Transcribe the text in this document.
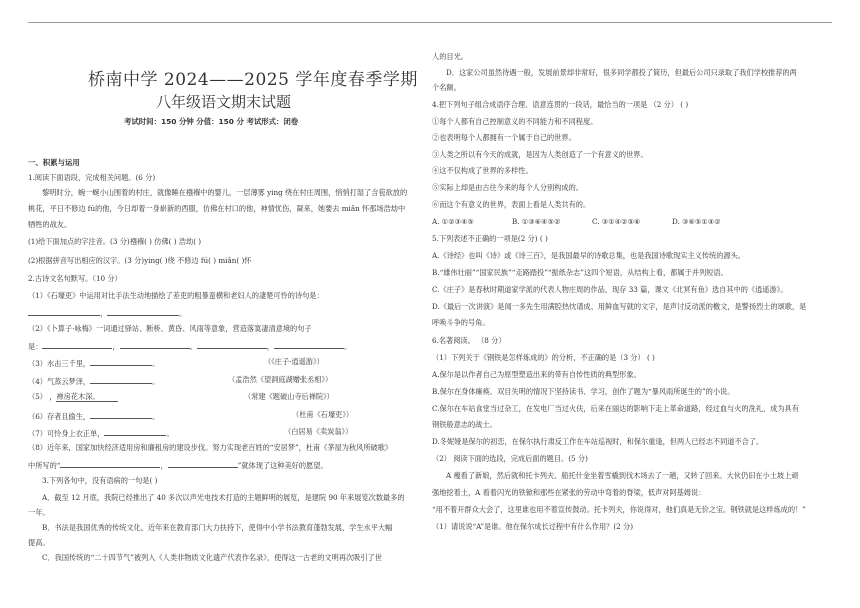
桥南中学 2024——2025 学年度春季学期
八年级语文期末试题
考试时间：150 分钟 分值：150 分 考试形式：闭卷
一、积累与运用
1.阅读下面语段，完成相关问题。(6 分)
黎明时分，蜿一蜒小山围着的村庄，就像睡在襁褓中的婴儿，一层薄雾 ying 绕在村庄周围，悄悄打湿了含苞欲放的
桃花，平日不修边 fú的他，今日却着一身崭新的西服，仿佛在村口的他，神情忧伤，凝来，她要去 miǎn 怀那场浩劫中
牺牲的战友。
(1)给下面加点的字注音。(3 分)襁褓( ) 仿佛( ) 浩劫( )
(2)根据拼音写出相应的汉字。(3 分)ying( )绕 不修边 fú( ) miǎn( )怀
2.古诗文名句默写。（10 分）
（1）《石壕吏》中运用对比手法生动地描绘了差吏的粗暴蛮横和老妇人的凄楚可怜的诗句是：
，	。
（2）《卜算子·咏梅》一词通过驿站、断桥、黄昏、风雨等意象，营造落寞凄清意境的句子
是：	，	。	，	。
（3）水击三千里，	。	（《庄子·逍遥游》）
（4）气蒸云梦泽，	。	（孟浩然《望洞庭湖赠张丞相》）
（5） ，禅房花木深。	（常建《题破山寺后禅院》）
（6）存者且偷生，	。	（杜甫《石壕吏》）
（7）可怜身上衣正单，	。	（白居易《卖炭翁》）
（8）近年来，国家加快经济适用房和廉租房的建设步伐。努力实现老百姓的“安居梦”，杜甫《茅屋为秋风所破歌》
中所写的“	，	”就体现了这种美好的愿望。
3.下列各句中，没有语病的一句是( )
A．截至 12 月底，我院已经推出了 40 多次以声光电技术打造的主题鲜明的展览，是建院 90 年来展览次数最多的
一年。
B．书法是我国优秀的传统文化，近年来在教育部门大力扶持下，使得中小学书法教育蓬勃发展，学生水平大幅
提高。
C．我国传统的“二十四节气”被列入《人类非物质文化遗产代表作名录》，使得这一古老的文明再次吸引了世
人的目光。
D．这家公司虽然待遇一般，发展前景却非常好，很多同学都投了简历，但最后公司只录取了我们学校推荐的两
个名额。
4.把下列句子组合成语序合理、语意连贯的一段话，最恰当的一项是 （2 分） ( )
①每个人都有自己控制意义的不同能力和不同程度。
②也表明每个人都拥有一个属于自己的世界。
③人类之所以有今天的成就，是因为人类创造了一个有意义的世界。
④这不仅构成了世界的多样性。
⑤实际上却是由古往今来的每个人分别构成的。
⑥而这个有意义的世界，表面上看是人类共有的。
A. ①②③④⑤	B. ①③⑥④⑤②	C. ③①④②⑤⑥	D. ③⑥⑤①④②
5.下列表述不正确的一项是(2 分) ( )
A.《诗经》也叫《诗》或《诗三百》，是我国最早的诗歌总集，也是我国诗歌现实主义传统的源头。
B.“雄伟壮丽”“国家民族”“走路踏投”“振纸杂志”这四个短语，从结构上看，都属于并列短语。
C.《庄子》是春秋时期道家学派的代表人物庄周的作品，现存 33 篇，课文《北冥有鱼》选自其中的《逍遥游》。
D.《最后一次讲演》是闻一多先生用满腔热忱谱成、用鲜血写就的文字，是声讨反动派的檄文，是警扬烈士的颂歌，是
呼唤斗争的号角。
6.名著阅读。 （8 分）
（1）下列关于《钢铁是怎样炼成的》的分析，不正确的是（3 分） ( )
A.保尔是以作者自己为原型塑造出来的带有自传性质的典型形象。
B.保尔在身体瘫痪、双目失明的情况下坚持读书、学习，创作了题为“暴风雨所诞生的”的小说。
C.保尔在车站食堂当过杂工，在发电厂当过火伕，后来在丽达的影响下走上革命道路，经过血与火的洗礼，成为具有
钢铁般意志的战士。
D.冬妮娅是保尔的初恋，在保尔执行肃反工作在车站巡视时，和保尔重逢，但两人已经志不同道不合了。
（2） 阅读下面的选段，完成后面的题目。(5 分)
A 瘦看了新娘，然后就和托卡列夫、船托什金坐着雪橇到伐木场去了一趟，又转了回来。大伙仍旧在小土坡上顽
强地挖着土，A 看着闪光的铁锨和那些在紧张的劳动中弯着的脊梁，低声对阿基姆说：
“用不着开群众大会了，这里谁也用不着宣传鼓动。托卡列夫，你说得对，他们真是无价之宝。钢铁就是这样炼成的！”
（1）请说说“A”是谁。他在保尔成长过程中有什么作用？(2 分)
